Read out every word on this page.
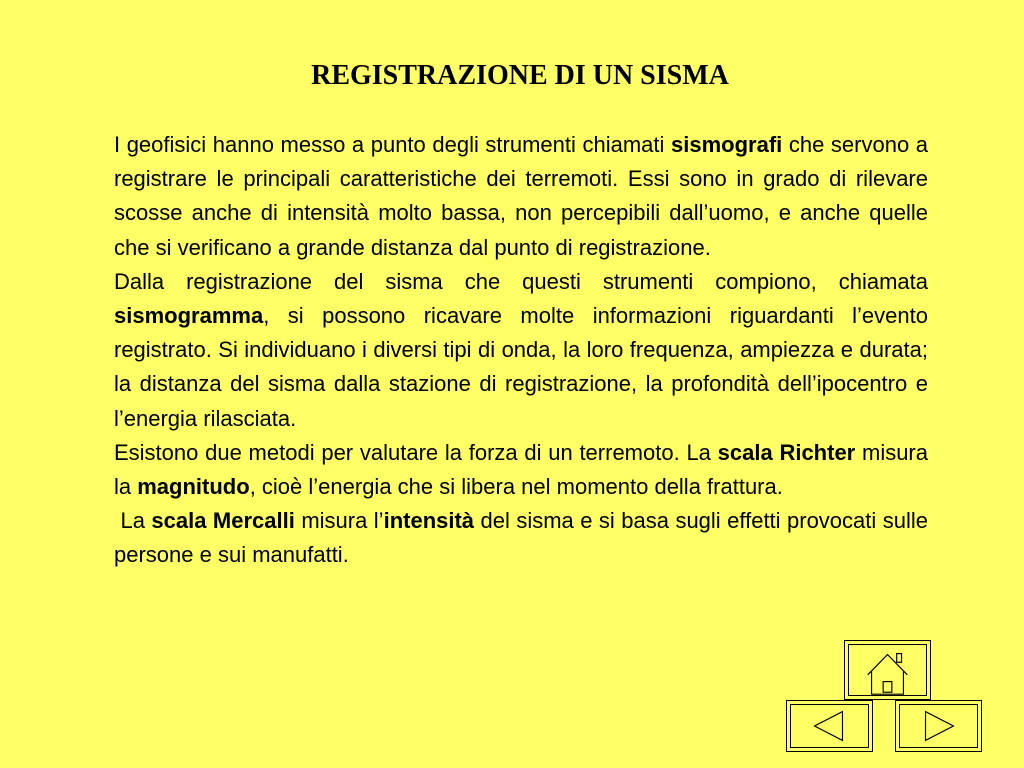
REGISTRAZIONE DI UN SISMA

I geofisici hanno messo a punto degli strumenti chiamati sismografi che servono a registrare le principali caratteristiche dei terremoti. Essi sono in grado di rilevare scosse anche di intensità molto bassa, non percepibili dall’uomo, e anche quelle che si verificano a grande distanza dal punto di registrazione.

Dalla registrazione del sisma che questi strumenti compiono, chiamata sismogramma, si possono ricavare molte informazioni riguardanti l’evento registrato. Si individuano i diversi tipi di onda, la loro frequenza, ampiezza e durata; la distanza del sisma dalla stazione di registrazione, la profondità dell’ipocentro e l’energia rilasciata.

Esistono due metodi per valutare la forza di un terremoto. La scala Richter misura la magnitudo, cioè l’energia che si libera nel momento della frattura.

La scala Mercalli misura l’intensità del sisma e si basa sugli effetti provocati sulle persone e sui manufatti.
